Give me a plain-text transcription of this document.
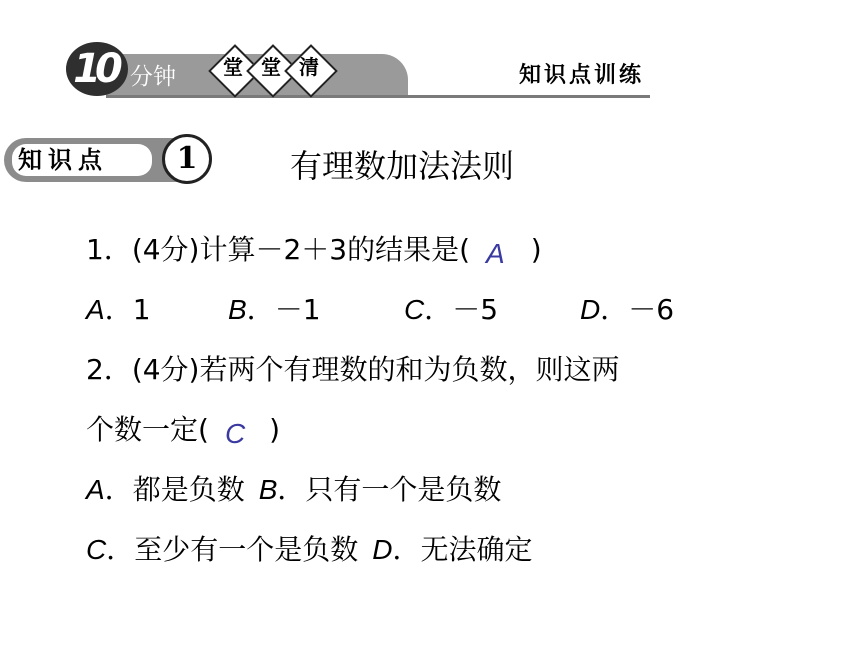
10 分钟	堂 堂 清	知识点训练
知识点	1	有理数加法法则
1．(4分)计算－2＋3的结果是( A )
A．1	B．－1	C．－5	D．－6
2．(4分)若两个有理数的和为负数，则这两
个数一定( C )
A．都是负数 B．只有一个是负数
C．至少有一个是负数 D．无法确定
